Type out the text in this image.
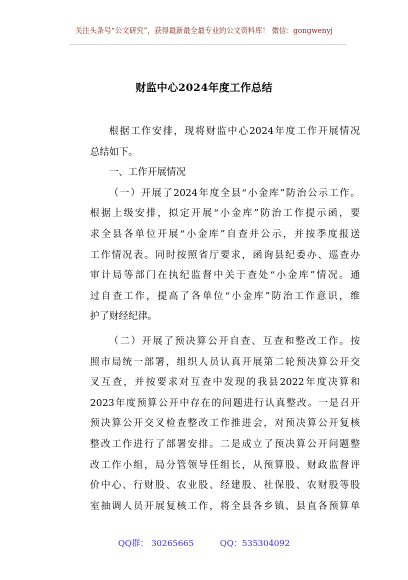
关注头条号“公文研究”，获得最新最全最专业的公文资料库！ 微信：gongwenyj
财监中心2024年度工作总结
根据工作安排，现将财监中心2024年度工作开展情况
总结如下。
一、工作开展情况
（一）开展了2024年度全县“小金库”防治公示工作。
根据上级安排，拟定开展“小金库”防治工作提示函，要
求全县各单位开展“小金库”自查并公示，并按季度报送
工作情况表。同时按照省厅要求，函询县纪委办、巡查办
审计局等部门在执纪监督中关于查处“小金库”情况。通
过自查工作，提高了各单位“小金库”防治工作意识，维
护了财经纪律。
（二）开展了预决算公开自查、互查和整改工作。按
照市局统一部署，组织人员认真开展第二轮预决算公开交
叉互查，并按要求对互查中发现的我县2022年度决算和
2023年度预算公开中存在的问题进行认真整改。一是召开
预决算公开交叉检查整改工作推进会，对预决算公开复核
整改工作进行了部署安排。二是成立了预决算公开问题整
改工作小组，局分管领导任组长，从预算股、财政监督评
价中心、行财股、农业股、经建股、社保股、农财股等股
室抽调人员开展复核工作，将全县各乡镇、县直各预算单
QQ群： 30265665	QQ：535304092
